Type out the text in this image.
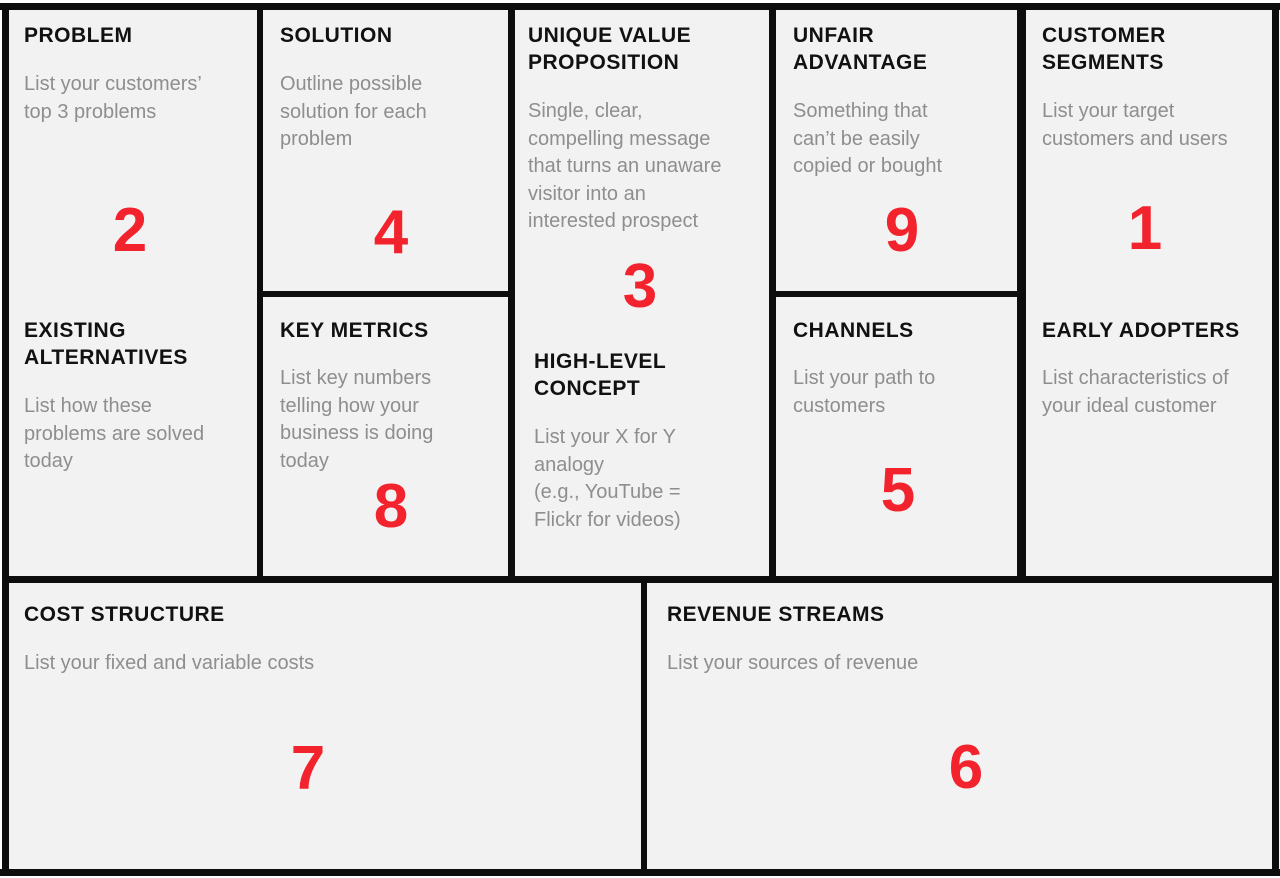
PROBLEM
List your customers’
top 3 problems
2
EXISTING
ALTERNATIVES
List how these
problems are solved
today
SOLUTION
Outline possible
solution for each
problem
4
KEY METRICS
List key numbers
telling how your
business is doing
today
8
UNIQUE VALUE
PROPOSITION
Single, clear,
compelling message
that turns an unaware
visitor into an
interested prospect
3
HIGH-LEVEL
CONCEPT
List your X for Y
analogy
(e.g., YouTube =
Flickr for videos)
UNFAIR
ADVANTAGE
Something that
can’t be easily
copied or bought
9
CHANNELS
List your path to
customers
5
CUSTOMER
SEGMENTS
List your target
customers and users
1
EARLY ADOPTERS
List characteristics of
your ideal customer
COST STRUCTURE
List your fixed and variable costs
7
REVENUE STREAMS
List your sources of revenue
6
